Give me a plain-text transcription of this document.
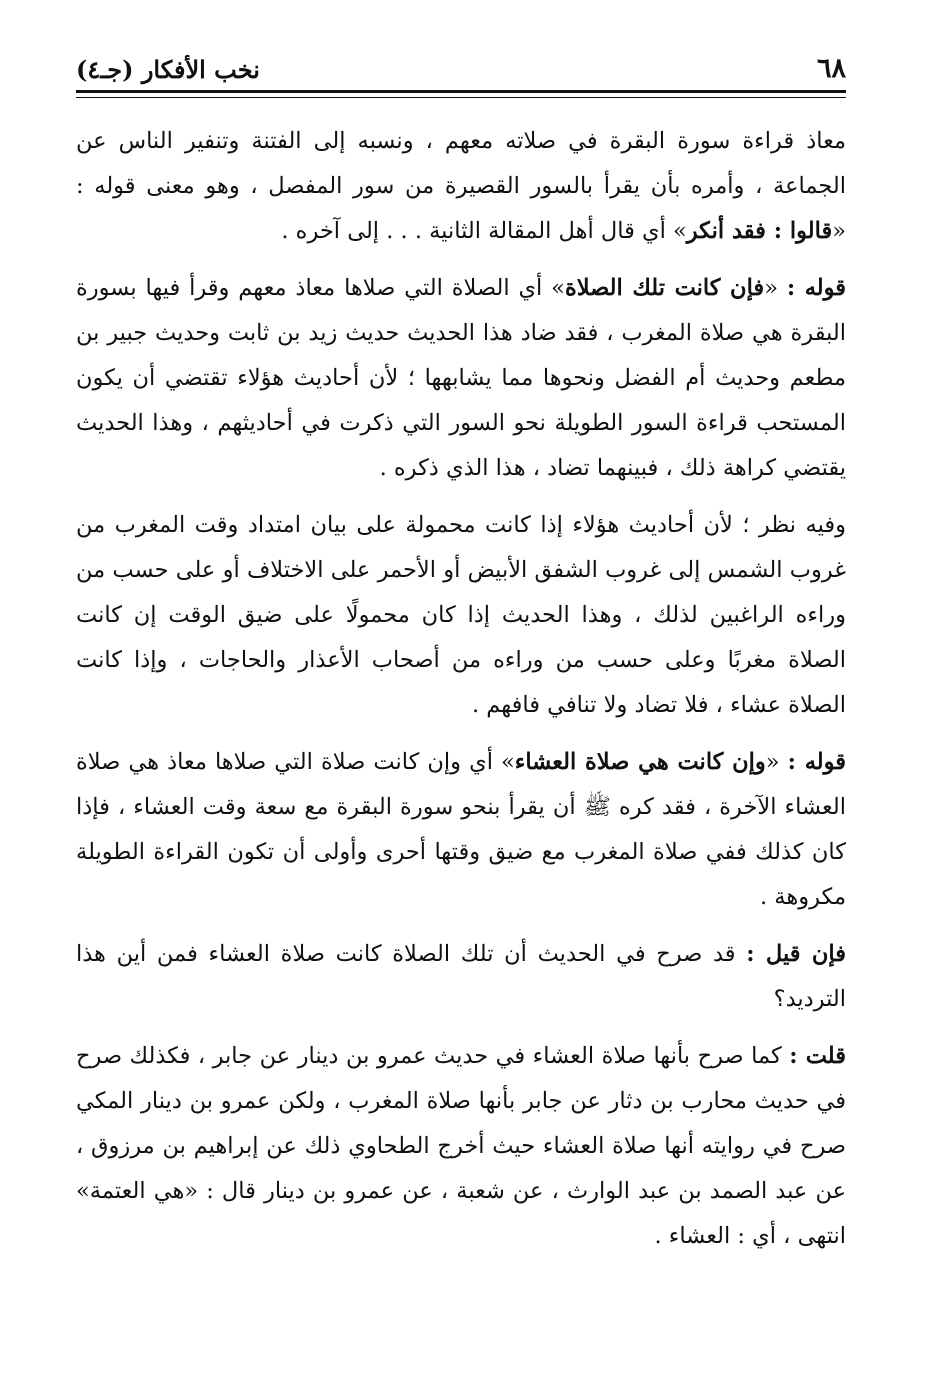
٦٨
نخب الأفكار (جـ٤)

معاذ قراءة سورة البقرة في صلاته معهم ، ونسبه إلى الفتنة وتنفير الناس عن الجماعة ، وأمره بأن يقرأ بالسور القصيرة من سور المفصل ، وهو معنى قوله : «قالوا : فقد أنكر» أي قال أهل المقالة الثانية . . . إلى آخره .

قوله : «فإن كانت تلك الصلاة» أي الصلاة التي صلاها معاذ معهم وقرأ فيها بسورة البقرة هي صلاة المغرب ، فقد ضاد هذا الحديث حديث زيد بن ثابت وحديث جبير بن مطعم وحديث أم الفضل ونحوها مما يشابهها ؛ لأن أحاديث هؤلاء تقتضي أن يكون المستحب قراءة السور الطويلة نحو السور التي ذكرت في أحاديثهم ، وهذا الحديث يقتضي كراهة ذلك ، فبينهما تضاد ، هذا الذي ذكره .

وفيه نظر ؛ لأن أحاديث هؤلاء إذا كانت محمولة على بيان امتداد وقت المغرب من غروب الشمس إلى غروب الشفق الأبيض أو الأحمر على الاختلاف أو على حسب من وراءه الراغبين لذلك ، وهذا الحديث إذا كان محمولًا على ضيق الوقت إن كانت الصلاة مغربًا وعلى حسب من وراءه من أصحاب الأعذار والحاجات ، وإذا كانت الصلاة عشاء ، فلا تضاد ولا تنافي فافهم .

قوله : «وإن كانت هي صلاة العشاء» أي وإن كانت صلاة التي صلاها معاذ هي صلاة العشاء الآخرة ، فقد كره ﷺ أن يقرأ بنحو سورة البقرة مع سعة وقت العشاء ، فإذا كان كذلك ففي صلاة المغرب مع ضيق وقتها أحرى وأولى أن تكون القراءة الطويلة مكروهة .

فإن قيل : قد صرح في الحديث أن تلك الصلاة كانت صلاة العشاء فمن أين هذا الترديد؟

قلت : كما صرح بأنها صلاة العشاء في حديث عمرو بن دينار عن جابر ، فكذلك صرح في حديث محارب بن دثار عن جابر بأنها صلاة المغرب ، ولكن عمرو بن دينار المكي صرح في روايته أنها صلاة العشاء حيث أخرج الطحاوي ذلك عن إبراهيم بن مرزوق ، عن عبد الصمد بن عبد الوارث ، عن شعبة ، عن عمرو بن دينار قال : «هي العتمة» انتهى ، أي : العشاء .
